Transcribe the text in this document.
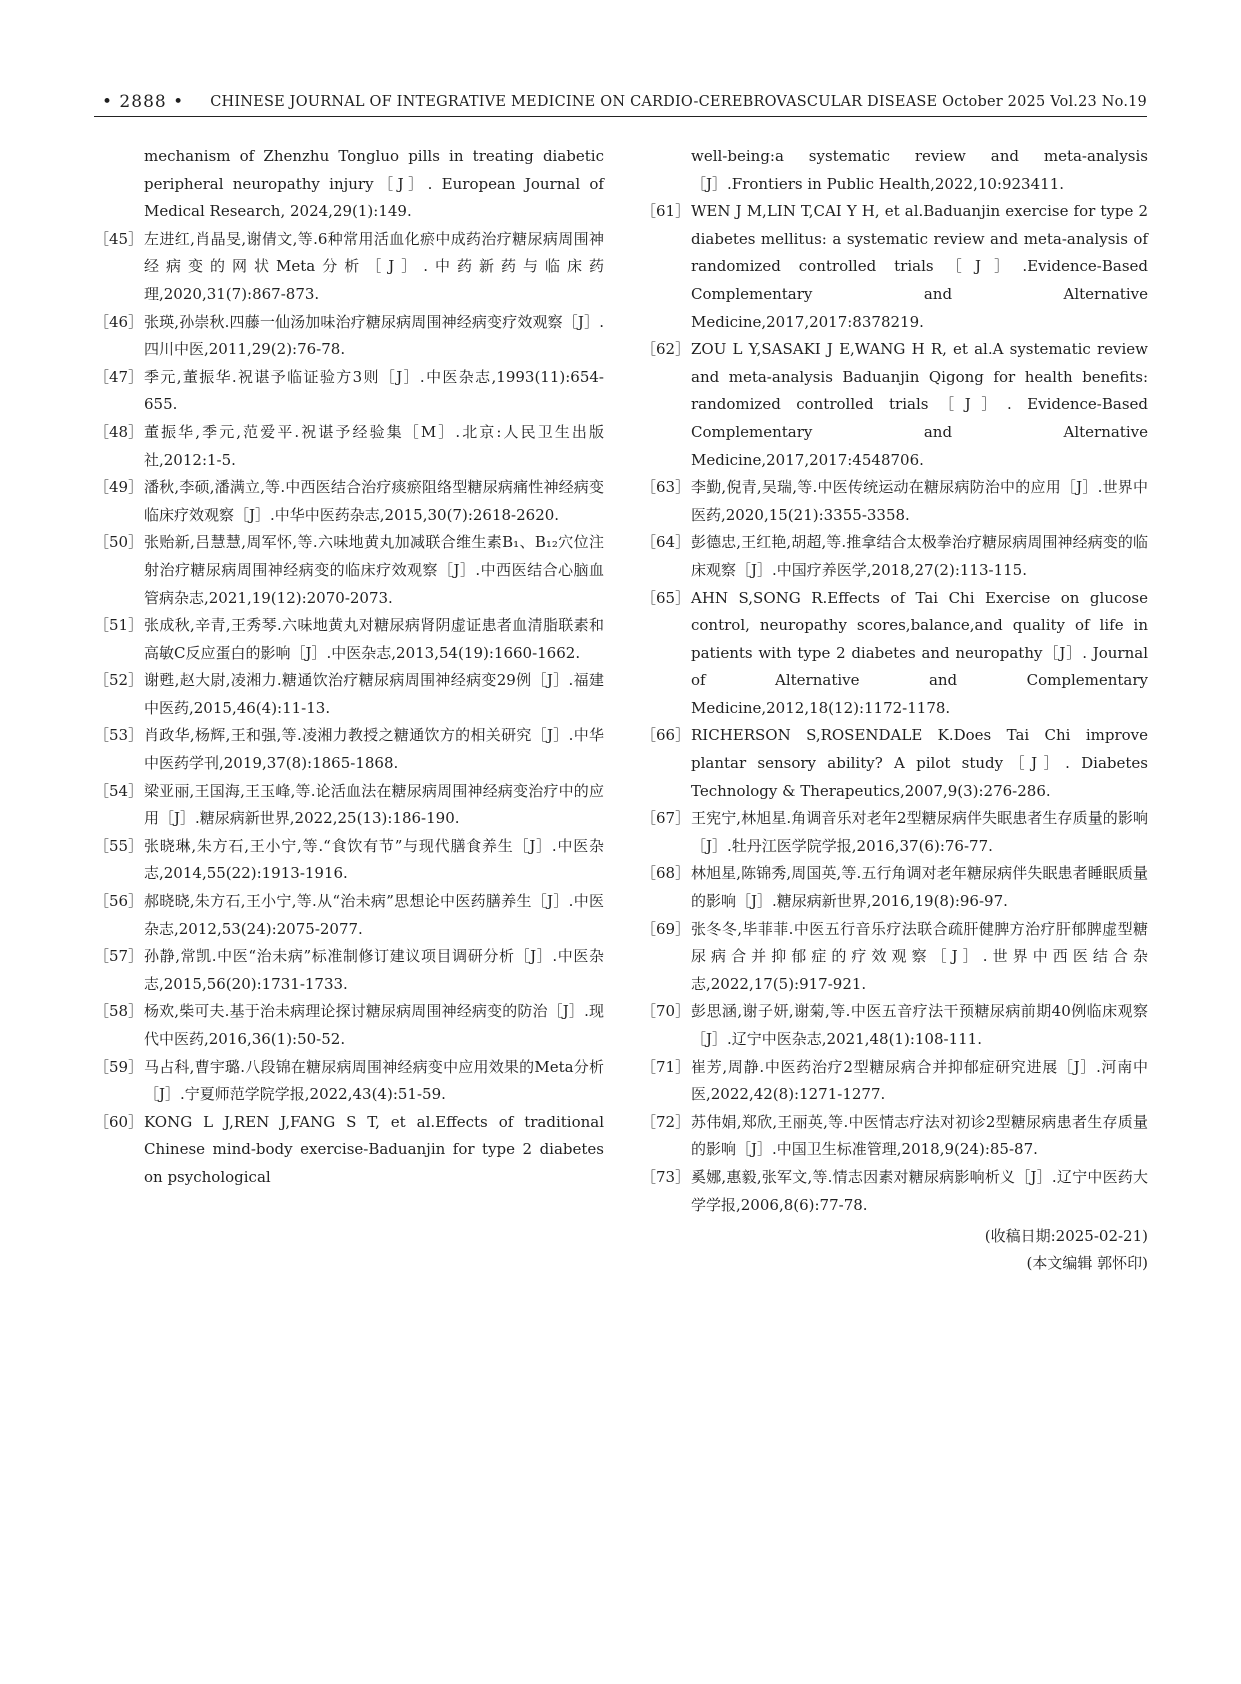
• 2888 • CHINESE JOURNAL OF INTEGRATIVE MEDICINE ON CARDIO-CEREBROVASCULAR DISEASE October 2025 Vol.23 No.19
mechanism of Zhenzhu Tongluo pills in treating diabetic peripheral neuropathy injury［J］. European Journal of Medical Research, 2024,29(1):149.
［45］ 左进红,肖晶旻,谢倩文,等.6种常用活血化瘀中成药治疗糖尿病周围神经病变的网状Meta分析［J］.中药新药与临床药理,2020,31(7):867-873.
［46］ 张瑛,孙崇秋.四藤一仙汤加味治疗糖尿病周围神经病变疗效观察［J］.四川中医,2011,29(2):76-78.
［47］ 季元,董振华.祝谌予临证验方3则［J］.中医杂志,1993(11):654-655.
［48］ 董振华,季元,范爱平.祝谌予经验集［M］.北京:人民卫生出版社,2012:1-5.
［49］ 潘秋,李硕,潘满立,等.中西医结合治疗痰瘀阻络型糖尿病痛性神经病变临床疗效观察［J］.中华中医药杂志,2015,30(7):2618-2620.
［50］ 张贻新,吕慧慧,周军怀,等.六味地黄丸加减联合维生素B₁、B₁₂穴位注射治疗糖尿病周围神经病变的临床疗效观察［J］.中西医结合心脑血管病杂志,2021,19(12):2070-2073.
［51］ 张成秋,辛青,王秀琴.六味地黄丸对糖尿病肾阴虚证患者血清脂联素和高敏C反应蛋白的影响［J］.中医杂志,2013,54(19):1660-1662.
［52］ 谢甦,赵大尉,凌湘力.糖通饮治疗糖尿病周围神经病变29例［J］.福建中医药,2015,46(4):11-13.
［53］ 肖政华,杨辉,王和强,等.凌湘力教授之糖通饮方的相关研究［J］.中华中医药学刊,2019,37(8):1865-1868.
［54］ 梁亚丽,王国海,王玉峰,等.论活血法在糖尿病周围神经病变治疗中的应用［J］.糖尿病新世界,2022,25(13):186-190.
［55］ 张晓琳,朱方石,王小宁,等.“食饮有节”与现代膳食养生［J］.中医杂志,2014,55(22):1913-1916.
［56］ 郝晓晓,朱方石,王小宁,等.从“治未病”思想论中医药膳养生［J］.中医杂志,2012,53(24):2075-2077.
［57］ 孙静,常凯.中医“治未病”标准制修订建议项目调研分析［J］.中医杂志,2015,56(20):1731-1733.
［58］ 杨欢,柴可夫.基于治未病理论探讨糖尿病周围神经病变的防治［J］.现代中医药,2016,36(1):50-52.
［59］ 马占科,曹宇璐.八段锦在糖尿病周围神经病变中应用效果的Meta分析［J］.宁夏师范学院学报,2022,43(4):51-59.
［60］ KONG L J,REN J,FANG S T, et al.Effects of traditional Chinese mind-body exercise-Baduanjin for type 2 diabetes on psychological
well-being:a systematic review and meta-analysis［J］.Frontiers in Public Health,2022,10:923411.
［61］ WEN J M,LIN T,CAI Y H, et al.Baduanjin exercise for type 2 diabetes mellitus: a systematic review and meta-analysis of randomized controlled trials［J］.Evidence-Based Complementary and Alternative Medicine,2017,2017:8378219.
［62］ ZOU L Y,SASAKI J E,WANG H R, et al.A systematic review and meta-analysis Baduanjin Qigong for health benefits: randomized controlled trials［J］. Evidence-Based Complementary and Alternative Medicine,2017,2017:4548706.
［63］ 李勤,倪青,吴瑞,等.中医传统运动在糖尿病防治中的应用［J］.世界中医药,2020,15(21):3355-3358.
［64］ 彭德忠,王红艳,胡超,等.推拿结合太极拳治疗糖尿病周围神经病变的临床观察［J］.中国疗养医学,2018,27(2):113-115.
［65］ AHN S,SONG R.Effects of Tai Chi Exercise on glucose control, neuropathy scores,balance,and quality of life in patients with type 2 diabetes and neuropathy［J］. Journal of Alternative and Complementary Medicine,2012,18(12):1172-1178.
［66］ RICHERSON S,ROSENDALE K.Does Tai Chi improve plantar sensory ability? A pilot study［J］. Diabetes Technology & Therapeutics,2007,9(3):276-286.
［67］ 王宪宁,林旭星.角调音乐对老年2型糖尿病伴失眠患者生存质量的影响［J］.牡丹江医学院学报,2016,37(6):76-77.
［68］ 林旭星,陈锦秀,周国英,等.五行角调对老年糖尿病伴失眠患者睡眠质量的影响［J］.糖尿病新世界,2016,19(8):96-97.
［69］ 张冬冬,毕菲菲.中医五行音乐疗法联合疏肝健脾方治疗肝郁脾虚型糖尿病合并抑郁症的疗效观察［J］.世界中西医结合杂志,2022,17(5):917-921.
［70］ 彭思涵,谢子妍,谢菊,等.中医五音疗法干预糖尿病前期40例临床观察［J］.辽宁中医杂志,2021,48(1):108-111.
［71］ 崔芳,周静.中医药治疗2型糖尿病合并抑郁症研究进展［J］.河南中医,2022,42(8):1271-1277.
［72］ 苏伟娟,郑欣,王丽英,等.中医情志疗法对初诊2型糖尿病患者生存质量的影响［J］.中国卫生标准管理,2018,9(24):85-87.
［73］ 奚娜,惠毅,张军文,等.情志因素对糖尿病影响析义［J］.辽宁中医药大学学报,2006,8(6):77-78.
(收稿日期:2025-02-21)
(本文编辑 郭怀印)
